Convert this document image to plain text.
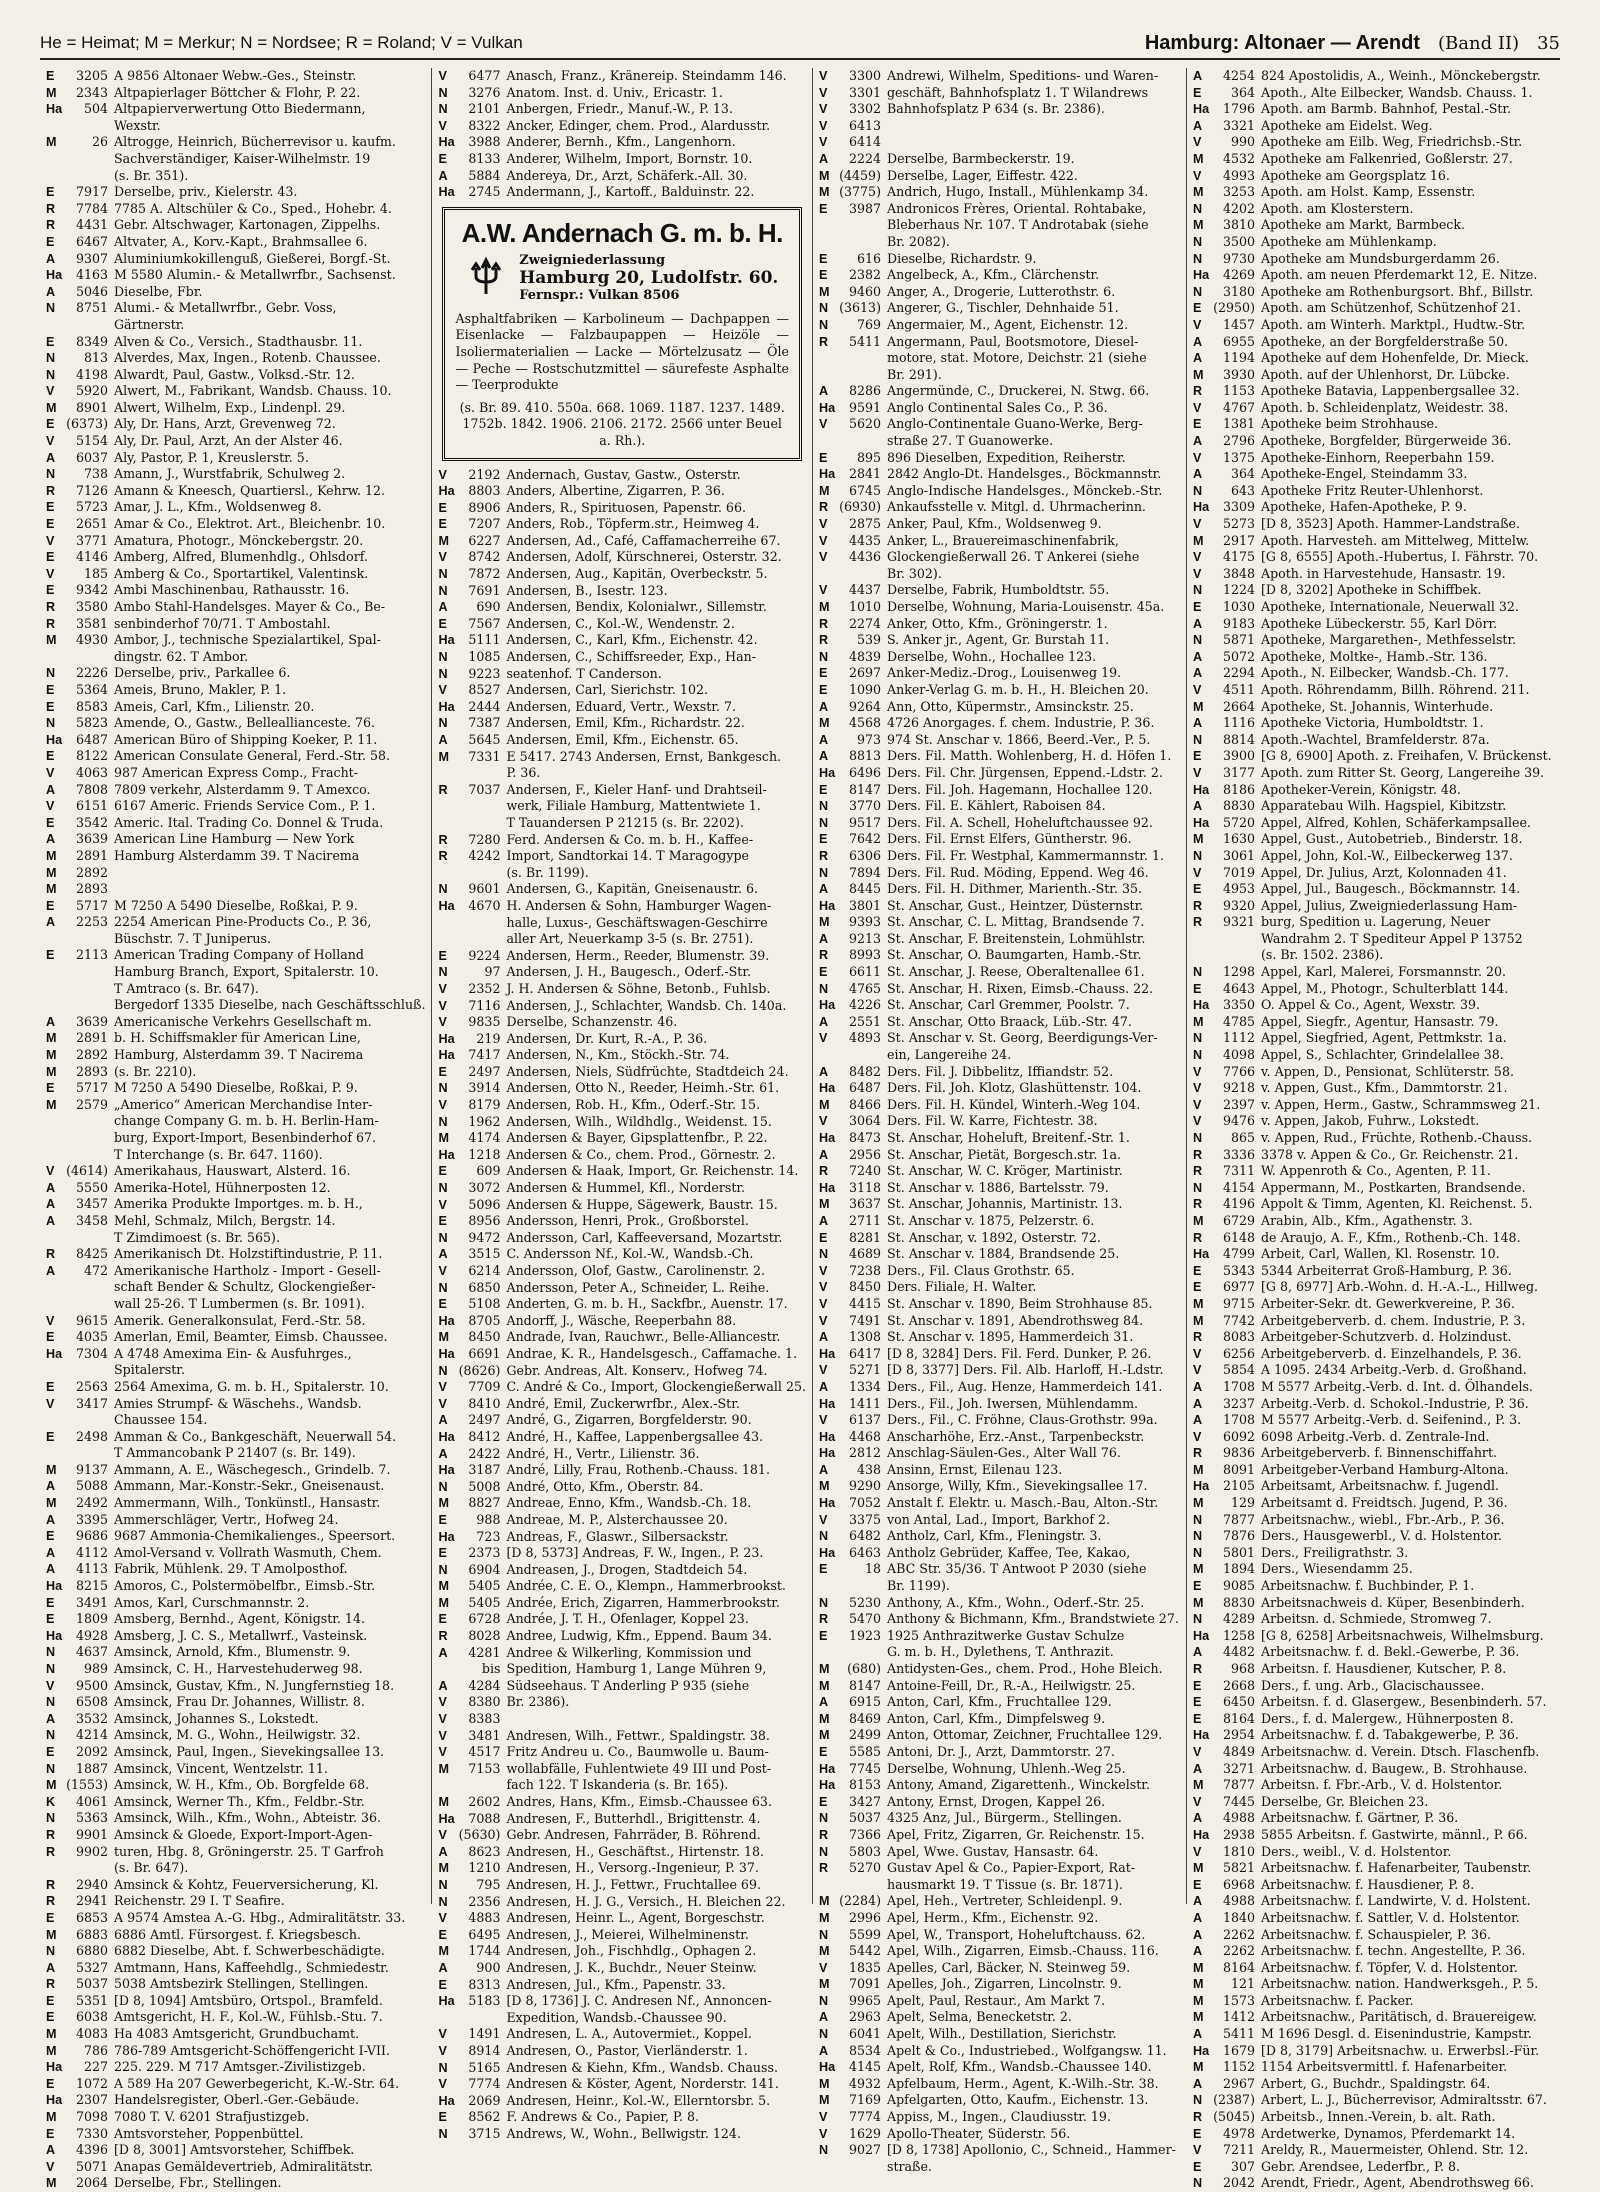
He = Heimat; M = Merkur; N = Nordsee; R = Roland; V = Vulkan	Hamburg: Altonaer — Arendt (Band II) 35
E	3205 A 9856 Altonaer Webw.-Ges., Steinstr.
M	2343 Altpapierlager Böttcher & Flohr, P. 22.
Ha	504 Altpapierverwertung Otto Biedermann,
Wexstr.
M	26 Altrogge, Heinrich, Bücherrevisor u. kaufm.
Sachverständiger, Kaiser-Wilhelmstr. 19
(s. Br. 351).
E	7917 Derselbe, priv., Kielerstr. 43.
R	7784 7785 A. Altschüler & Co., Sped., Hohebr. 4.
R	4431 Gebr. Altschwager, Kartonagen, Zippelhs.
E	6467 Altvater, A., Korv.-Kapt., Brahmsallee 6.
A	9307 Aluminiumkokillenguß, Gießerei, Borgf.-St.
Ha	4163 M 5580 Alumin.- & Metallwrfbr., Sachsenst.
A	5046 Dieselbe, Fbr.
N	8751 Alumi.- & Metallwrfbr., Gebr. Voss,
Gärtnerstr.
E	8349 Alven & Co., Versich., Stadthausbr. 11.
N	813 Alverdes, Max, Ingen., Rotenb. Chaussee.
N	4198 Alwardt, Paul, Gastw., Volksd.-Str. 12.
V	5920 Alwert, M., Fabrikant, Wandsb. Chauss. 10.
M	8901 Alwert, Wilhelm, Exp., Lindenpl. 29.
E (6373) Aly, Dr. Hans, Arzt, Grevenweg 72.
V	5154 Aly, Dr. Paul, Arzt, An der Alster 46.
A	6037 Aly, Pastor, P. 1, Kreuslerstr. 5.
N	738 Amann, J., Wurstfabrik, Schulweg 2.
R	7126 Amann & Kneesch, Quartiersl., Kehrw. 12.
E	5723 Amar, J. L., Kfm., Woldsenweg 8.
E	2651 Amar & Co., Elektrot. Art., Bleichenbr. 10.
V	3771 Amatura, Photogr., Mönckebergstr. 20.
E	4146 Amberg, Alfred, Blumenhdlg., Ohlsdorf.
V	185 Amberg & Co., Sportartikel, Valentinsk.
E	9342 Ambi Maschinenbau, Rathausstr. 16.
R	3580 Ambo Stahl-Handelsges. Mayer & Co., Be-
R	3581 senbinderhof 70/71. T Ambostahl.
M	4930 Ambor, J., technische Spezialartikel, Spal-
dingstr. 62. T Ambor.
N	2226 Derselbe, priv., Parkallee 6.
E	5364 Ameis, Bruno, Makler, P. 1.
E	8583 Ameis, Carl, Kfm., Lilienstr. 20.
N	5823 Amende, O., Gastw., Belleallianceste. 76.
Ha	6487 American Büro of Shipping Koeker, P. 11.
E	8122 American Consulate General, Ferd.-Str. 58.
V	4063 987 American Express Comp., Fracht-
A	7808 7809 verkehr, Alsterdamm 9. T Amexco.
V	6151 6167 Americ. Friends Service Com., P. 1.
E	3542 Americ. Ital. Trading Co. Donnel & Truda.
A	3639 American Line Hamburg — New York
M	2891 Hamburg Alsterdamm 39. T Nacirema
M	2892
M	2893
E	5717 M 7250 A 5490 Dieselbe, Roßkai, P. 9.
A	2253 2254 American Pine-Products Co., P. 36,
Büschstr. 7. T Juniperus.
E	2113 American Trading Company of Holland
Hamburg Branch, Export, Spitalerstr. 10.
T Amtraco (s. Br. 647).
Bergedorf 1335 Dieselbe, nach Geschäftsschluß.
A	3639 Americanische Verkehrs Gesellschaft m.
M	2891 b. H. Schiffsmakler für American Line,
M	2892 Hamburg, Alsterdamm 39. T Nacirema
M	2893 (s. Br. 2210).
E	5717 M 7250 A 5490 Dieselbe, Roßkai, P. 9.
M	2579 „Americo“ American Merchandise Inter-
change Company G. m. b. H. Berlin-Ham-
burg, Export-Import, Besenbinderhof 67.
T Interchange (s. Br. 647. 1160).
V (4614) Amerikahaus, Hauswart, Alsterd. 16.
A	5550 Amerika-Hotel, Hühnerposten 12.
A	3457 Amerika Produkte Importges. m. b. H.,
A	3458 Mehl, Schmalz, Milch, Bergstr. 14.
T Zimdimoest (s. Br. 565).
R	8425 Amerikanisch Dt. Holzstiftindustrie, P. 11.
A	472 Amerikanische Hartholz - Import - Gesell-
schaft Bender & Schultz, Glockengießer-
wall 25-26. T Lumbermen (s. Br. 1091).
V	9615 Amerik. Generalkonsulat, Ferd.-Str. 58.
E	4035 Amerlan, Emil, Beamter, Eimsb. Chaussee.
Ha	7304 A 4748 Amexima Ein- & Ausfuhrges.,
Spitalerstr.
E	2563 2564 Amexima, G. m. b. H., Spitalerstr. 10.
V	3417 Amies Strumpf- & Wäschehs., Wandsb.
Chaussee 154.
E	2498 Amman & Co., Bankgeschäft, Neuerwall 54.
T Ammancobank P 21407 (s. Br. 149).
M	9137 Ammann, A. E., Wäschegesch., Grindelb. 7.
A	5088 Ammann, Mar.-Konstr.-Sekr., Gneisenaust.
M	2492 Ammermann, Wilh., Tonkünstl., Hansastr.
A	3395 Ammerschläger, Vertr., Hofweg 24.
E	9686 9687 Ammonia-Chemikalienges., Speersort.
A	4112 Amol-Versand v. Vollrath Wasmuth, Chem.
A	4113 Fabrik, Mühlenk. 29. T Amolposthof.
Ha	8215 Amoros, C., Polstermöbelfbr., Eimsb.-Str.
E	3491 Amos, Karl, Curschmannstr. 2.
E	1809 Amsberg, Bernhd., Agent, Königstr. 14.
Ha	4928 Amsberg, J. C. S., Metallwrf., Vasteinsk.
N	4637 Amsinck, Arnold, Kfm., Blumenstr. 9.
N	989 Amsinck, C. H., Harvestehuderweg 98.
V	9500 Amsinck, Gustav, Kfm., N. Jungfernstieg 18.
N	6508 Amsinck, Frau Dr. Johannes, Willistr. 8.
A	3532 Amsinck, Johannes S., Lokstedt.
N	4214 Amsinck, M. G., Wohn., Heilwigstr. 32.
E	2092 Amsinck, Paul, Ingen., Sievekingsallee 13.
N	1887 Amsinck, Vincent, Wentzelstr. 11.
M (1553) Amsinck, W. H., Kfm., Ob. Borgfelde 68.
K	4061 Amsinck, Werner Th., Kfm., Feldbr.-Str.
N	5363 Amsinck, Wilh., Kfm., Wohn., Abteistr. 36.
R	9901 Amsinck & Gloede, Export-Import-Agen-
R	9902 turen, Hbg. 8, Gröningerstr. 25. T Garfroh
(s. Br. 647).
R	2940 Amsinck & Kohtz, Feuerversicherung, Kl.
R	2941 Reichenstr. 29 I. T Seafire.
E	6853 A 9574 Amstea A.-G. Hbg., Admiralitätstr. 33.
M	6883 6886 Amtl. Fürsorgest. f. Kriegsbesch.
N	6880 6882 Dieselbe, Abt. f. Schwerbeschädigte.
A	5327 Amtmann, Hans, Kaffeehdlg., Schmiedestr.
R	5037 5038 Amtsbezirk Stellingen, Stellingen.
E	5351 [D 8, 1094] Amtsbüro, Ortspol., Bramfeld.
E	6038 Amtsgericht, H. F., Kol.-W., Fühlsb.-Stu. 7.
M	4083 Ha 4083 Amtsgericht, Grundbuchamt.
M	786 786-789 Amtsgericht-Schöffengericht I-VII.
Ha	227 225. 229. M 717 Amtsger.-Zivilistizgeb.
E	1072 A 589 Ha 207 Gewerbegericht, K.-W.-Str. 64.
Ha	2307 Handelsregister, Oberl.-Ger.-Gebäude.
M	7098 7080 T. V. 6201 Strafjustizgeb.
E	7330 Amtsvorsteher, Poppenbüttel.
A	4396 [D 8, 3001] Amtsvorsteher, Schiffbek.
V	5071 Anapas Gemäldevertrieb, Admiralitätstr.
M	2064 Derselbe, Fbr., Stellingen.
V	6477 Anasch, Franz., Kränereip. Steindamm 146.
N	3276 Anatom. Inst. d. Univ., Ericastr. 1.
N	2101 Anbergen, Friedr., Manuf.-W., P. 13.
V	8322 Ancker, Edinger, chem. Prod., Alardusstr.
Ha	3988 Anderer, Bernh., Kfm., Langenhorn.
E	8133 Anderer, Wilhelm, Import, Bornstr. 10.
A	5884 Andereya, Dr., Arzt, Schäferk.-All. 30.
Ha	2745 Andermann, J., Kartoff., Balduinstr. 22.
A.W. Andernach G. m. b. H.

Zweigniederlassung
Hamburg 20, Ludolfstr. 60.
Fernspr.: Vulkan 8506
Asphaltfabriken — Karbolineum — Dachpappen — Eisenlacke — Falzbaupappen — Heizöle — Isoliermaterialien — Lacke — Mörtelzusatz — Öle — Peche — Rostschutzmittel — säurefeste Asphalte — Teerprodukte
(s. Br. 89. 410. 550a. 668. 1069. 1187. 1237. 1489. 1752b. 1842. 1906. 2106. 2172. 2566 unter Beuel a. Rh.).
V	2192 Andernach, Gustav, Gastw., Osterstr.
Ha	8803 Anders, Albertine, Zigarren, P. 36.
E	8906 Anders, R., Spirituosen, Papenstr. 66.
E	7207 Anders, Rob., Töpferm.str., Heimweg 4.
M	6227 Andersen, Ad., Café, Caffamacherreihe 67.
V	8742 Andersen, Adolf, Kürschnerei, Osterstr. 32.
N	7872 Andersen, Aug., Kapitän, Overbeckstr. 5.
N	7691 Andersen, B., Isestr. 123.
A	690 Andersen, Bendix, Kolonialwr., Sillemstr.
E	7567 Andersen, C., Kol.-W., Wendenstr. 2.
Ha	5111 Andersen, C., Karl, Kfm., Eichenstr. 42.
N	1085 Andersen, C., Schiffsreeder, Exp., Han-
N	9223 seatenhof. T Canderson.
V	8527 Andersen, Carl, Sierichstr. 102.
Ha	2444 Andersen, Eduard, Vertr., Wexstr. 7.
N	7387 Andersen, Emil, Kfm., Richardstr. 22.
A	5645 Andersen, Emil, Kfm., Eichenstr. 65.
M	7331 E 5417. 2743 Andersen, Ernst, Bankgesch.
P. 36.
R	7037 Andersen, F., Kieler Hanf- und Drahtseil-
werk, Filiale Hamburg, Mattentwiete 1.
T Tauandersen P 21215 (s. Br. 2202).
R	7280 Ferd. Andersen & Co. m. b. H., Kaffee-
R	4242 Import, Sandtorkai 14. T Maragogype
(s. Br. 1199).
N	9601 Andersen, G., Kapitän, Gneisenaustr. 6.
Ha	4670 H. Andersen & Sohn, Hamburger Wagen-
halle, Luxus-, Geschäftswagen-Geschirre
aller Art, Neuerkamp 3-5 (s. Br. 2751).
E	9224 Andersen, Herm., Reeder, Blumenstr. 39.
N	97 Andersen, J. H., Baugesch., Oderf.-Str.
V	2352 J. H. Andersen & Söhne, Betonb., Fuhlsb.
V	7116 Andersen, J., Schlachter, Wandsb. Ch. 140a.
V	9835 Derselbe, Schanzenstr. 46.
Ha	219 Andersen, Dr. Kurt, R.-A., P. 36.
Ha	7417 Andersen, N., Km., Stöckh.-Str. 74.
E	2497 Andersen, Niels, Südfrüchte, Stadtdeich 24.
N	3914 Andersen, Otto N., Reeder, Heimh.-Str. 61.
V	8179 Andersen, Rob. H., Kfm., Oderf.-Str. 15.
N	1962 Andersen, Wilh., Wildhdlg., Weidenst. 15.
M	4174 Andersen & Bayer, Gipsplattenfbr., P. 22.
Ha	1218 Andersen & Co., chem. Prod., Görnestr. 2.
E	609 Andersen & Haak, Import, Gr. Reichenstr. 14.
N	3072 Andersen & Hummel, Kfl., Norderstr.
V	5096 Andersen & Huppe, Sägewerk, Baustr. 15.
E	8956 Andersson, Henri, Prok., Großborstel.
N	9472 Andersson, Carl, Kaffeeversand, Mozartstr.
A	3515 C. Andersson Nf., Kol.-W., Wandsb.-Ch.
V	6214 Andersson, Olof, Gastw., Carolinenstr. 2.
N	6850 Andersson, Peter A., Schneider, L. Reihe.
E	5108 Anderten, G. m. b. H., Sackfbr., Auenstr. 17.
Ha	8705 Andorff, J., Wäsche, Reeperbahn 88.
M	8450 Andrade, Ivan, Rauchwr., Belle-Alliancestr.
Ha	6691 Andrae, K. R., Handelsgesch., Caffamache. 1.
N (8626) Gebr. Andreas, Alt. Konserv., Hofweg 74.
V	7709 C. André & Co., Import, Glockengießerwall 25.
V	8410 André, Emil, Zuckerwrfbr., Alex.-Str.
A	2497 André, G., Zigarren, Borgfelderstr. 90.
Ha	8412 André, H., Kaffee, Lappenbergsallee 43.
A	2422 André, H., Vertr., Lilienstr. 36.
Ha	3187 André, Lilly, Frau, Rothenb.-Chauss. 181.
N	5008 André, Otto, Kfm., Oberstr. 84.
M	8827 Andreae, Enno, Kfm., Wandsb.-Ch. 18.
E	988 Andreae, M. P., Alsterchaussee 20.
Ha	723 Andreas, F., Glaswr., Silbersackstr.
E	2373 [D 8, 5373] Andreas, F. W., Ingen., P. 23.
N	6904 Andreasen, J., Drogen, Stadtdeich 54.
M	5405 Andrée, C. E. O., Klempn., Hammerbrookst.
M	5405 Andrée, Erich, Zigarren, Hammerbrookstr.
E	6728 Andrée, J. T. H., Ofenlager, Koppel 23.
R	8028 Andree, Ludwig, Kfm., Eppend. Baum 34.
A	4281 Andree & Wilkerling, Kommission und
bis Spedition, Hamburg 1, Lange Mühren 9,
A	4284 Südseehaus. T Anderling P 935 (siehe
V	8380 Br. 2386).
V	8383
V	3481 Andresen, Wilh., Fettwr., Spaldingstr. 38.
V	4517 Fritz Andreu u. Co., Baumwolle u. Baum-
M	7153 wollabfälle, Fuhlentwiete 49 III und Post-
fach 122. T Iskanderia (s. Br. 165).
M	2602 Andres, Hans, Kfm., Eimsb.-Chaussee 63.
Ha	7088 Andresen, F., Butterhdl., Brigittenstr. 4.
V (5630) Gebr. Andresen, Fahrräder, B. Röhrend.
A	8623 Andresen, H., Geschäftst., Hirtenstr. 18.
M	1210 Andresen, H., Versorg.-Ingenieur, P. 37.
N	795 Andresen, H. J., Fettwr., Fruchtallee 69.
N	2356 Andresen, H. J. G., Versich., H. Bleichen 22.
V	4883 Andresen, Heinr. L., Agent, Borgeschstr.
E	6495 Andresen, J., Meierei, Wilhelminenstr.
M	1744 Andresen, Joh., Fischhdlg., Ophagen 2.
A	900 Andresen, J. K., Buchdr., Neuer Steinw.
E	8313 Andresen, Jul., Kfm., Papenstr. 33.
Ha	5183 [D 8, 1736] J. C. Andresen Nf., Annoncen-
Expedition, Wandsb.-Chaussee 90.
V	1491 Andresen, L. A., Autovermiet., Koppel.
V	8914 Andresen, O., Pastor, Vierländerstr. 1.
N	5165 Andresen & Kiehn, Kfm., Wandsb. Chauss.
V	7774 Andresen & Köster, Agent, Norderstr. 141.
Ha	2069 Andresen, Heinr., Kol.-W., Ellerntorsbr. 5.
E	8562 F. Andrews & Co., Papier, P. 8.
N	3715 Andrews, W., Wohn., Bellwigstr. 124.
V	3300 Andrewi, Wilhelm, Speditions- und Waren-
V	3301 geschäft, Bahnhofsplatz 1. T Wilandrews
V	3302 Bahnhofsplatz P 634 (s. Br. 2386).
V	6413
V	6414
A	2224 Derselbe, Barmbeckerstr. 19.
M (4459) Derselbe, Lager, Eiffestr. 422.
M (3775) Andrich, Hugo, Install., Mühlenkamp 34.
E	3987 Andronicos Frères, Oriental. Rohtabake,
Bleberhaus Nr. 107. T Androtabak (siehe
Br. 2082).
E	616 Dieselbe, Richardstr. 9.
E	2382 Angelbeck, A., Kfm., Clärchenstr.
M	9460 Anger, A., Drogerie, Lutterothstr. 6.
N (3613) Angerer, G., Tischler, Dehnhaide 51.
N	769 Angermaier, M., Agent, Eichenstr. 12.
R	5411 Angermann, Paul, Bootsmotore, Diesel-
motore, stat. Motore, Deichstr. 21 (siehe
Br. 291).
A	8286 Angermünde, C., Druckerei, N. Stwg. 66.
Ha	9591 Anglo Continental Sales Co., P. 36.
V	5620 Anglo-Continentale Guano-Werke, Berg-
straße 27. T Guanowerke.
E	895 896 Dieselben, Expedition, Reiherstr.
Ha	2841 2842 Anglo-Dt. Handelsges., Böckmannstr.
M	6745 Anglo-Indische Handelsges., Mönckeb.-Str.
R (6930) Ankaufsstelle v. Mitgl. d. Uhrmacherinn.
V	2875 Anker, Paul, Kfm., Woldsenweg 9.
V	4435 Anker, L., Brauereimaschinenfabrik,
V	4436 Glockengießerwall 26. T Ankerei (siehe
Br. 302).
V	4437 Derselbe, Fabrik, Humboldtstr. 55.
M	1010 Derselbe, Wohnung, Maria-Louisenstr. 45a.
R	2274 Anker, Otto, Kfm., Gröningerstr. 1.
R	539 S. Anker jr., Agent, Gr. Burstah 11.
N	4839 Derselbe, Wohn., Hochallee 123.
E	2697 Anker-Mediz.-Drog., Louisenweg 19.
E	1090 Anker-Verlag G. m. b. H., H. Bleichen 20.
A	9264 Ann, Otto, Küpermstr., Amsinckstr. 25.
M	4568 4726 Anorgages. f. chem. Industrie, P. 36.
A	973 974 St. Anschar v. 1866, Beerd.-Ver., P. 5.
A	8813 Ders. Fil. Matth. Wohlenberg, H. d. Höfen 1.
Ha	6496 Ders. Fil. Chr. Jürgensen, Eppend.-Ldstr. 2.
E	8147 Ders. Fil. Joh. Hagemann, Hochallee 120.
N	3770 Ders. Fil. E. Kählert, Raboisen 84.
N	9517 Ders. Fil. A. Schell, Hoheluftchaussee 92.
E	7642 Ders. Fil. Ernst Elfers, Güntherstr. 96.
R	6306 Ders. Fil. Fr. Westphal, Kammermannstr. 1.
N	7894 Ders. Fil. Rud. Möding, Eppend. Weg 46.
A	8445 Ders. Fil. H. Dithmer, Marienth.-Str. 35.
Ha	3801 St. Anschar, Gust., Heintzer, Düsternstr.
M	9393 St. Anschar, C. L. Mittag, Brandsende 7.
A	9213 St. Anschar, F. Breitenstein, Lohmühlstr.
R	8993 St. Anschar, O. Baumgarten, Hamb.-Str.
E	6611 St. Anschar, J. Reese, Oberaltenallee 61.
N	4765 St. Anschar, H. Rixen, Eimsb.-Chauss. 22.
Ha	4226 St. Anschar, Carl Gremmer, Poolstr. 7.
A	2551 St. Anschar, Otto Braack, Lüb.-Str. 47.
V	4893 St. Anschar v. St. Georg, Beerdigungs-Ver-
ein, Langereihe 24.
A	8482 Ders. Fil. J. Dibbelitz, Iffiandstr. 52.
Ha	6487 Ders. Fil. Joh. Klotz, Glashüttenstr. 104.
M	8466 Ders. Fil. H. Kündel, Winterh.-Weg 104.
V	3064 Ders. Fil. W. Karre, Fichtestr. 38.
Ha	8473 St. Anschar, Hoheluft, Breitenf.-Str. 1.
A	2956 St. Anschar, Pietät, Borgesch.str. 1a.
R	7240 St. Anschar, W. C. Kröger, Martinistr.
Ha	3118 St. Anschar v. 1886, Bartelsstr. 79.
M	3637 St. Anschar, Johannis, Martinistr. 13.
A	2711 St. Anschar v. 1875, Pelzerstr. 6.
E	8281 St. Anschar, v. 1892, Osterstr. 72.
N	4689 St. Anschar v. 1884, Brandsende 25.
V	7238 Ders., Fil. Claus Grothstr. 65.
V	8450 Ders. Filiale, H. Walter.
V	4415 St. Anschar v. 1890, Beim Strohhause 85.
V	7491 St. Anschar v. 1891, Abendrothsweg 84.
A	1308 St. Anschar v. 1895, Hammerdeich 31.
Ha	6417 [D 8, 3284] Ders. Fil. Ferd. Dunker, P. 26.
V	5271 [D 8, 3377] Ders. Fil. Alb. Harloff, H.-Ldstr.
A	1334 Ders., Fil., Aug. Henze, Hammerdeich 141.
Ha	1411 Ders., Fil., Joh. Iwersen, Mühlendamm.
V	6137 Ders., Fil., C. Fröhne, Claus-Grothstr. 99a.
Ha	4468 Anscharhöhe, Erz.-Anst., Tarpenbeckstr.
Ha	2812 Anschlag-Säulen-Ges., Alter Wall 76.
A	438 Ansinn, Ernst, Eilenau 123.
M	9290 Ansorge, Willy, Kfm., Sievekingsallee 17.
Ha	7052 Anstalt f. Elektr. u. Masch.-Bau, Alton.-Str.
V	3375 von Antal, Lad., Import, Barkhof 2.
N	6482 Antholz, Carl, Kfm., Fleningstr. 3.
Ha	6463 Antholz Gebrüder, Kaffee, Tee, Kakao,
E	18 ABC Str. 35/36. T Antwoot P 2030 (siehe
Br. 1199).
N	5230 Anthony, A., Kfm., Wohn., Oderf.-Str. 25.
R	5470 Anthony & Bichmann, Kfm., Brandstwiete 27.
E	1923 1925 Anthrazitwerke Gustav Schulze
G. m. b. H., Dylethens, T. Anthrazit.
M	(680) Antidysten-Ges., chem. Prod., Hohe Bleich.
M	8147 Antoine-Feill, Dr., R.-A., Heilwigstr. 25.
A	6915 Anton, Carl, Kfm., Fruchtallee 129.
M	8469 Anton, Carl, Kfm., Dimpfelsweg 9.
M	2499 Anton, Ottomar, Zeichner, Fruchtallee 129.
E	5585 Antoni, Dr. J., Arzt, Dammtorstr. 27.
Ha	7745 Derselbe, Wohnung, Uhlenh.-Weg 25.
Ha	8153 Antony, Amand, Zigarettenh., Winckelstr.
E	3427 Antony, Ernst, Drogen, Kappel 26.
N	5037 4325 Anz, Jul., Bürgerm., Stellingen.
R	7366 Apel, Fritz, Zigarren, Gr. Reichenstr. 15.
N	5803 Apel, Wwe. Gustav, Hansastr. 64.
R	5270 Gustav Apel & Co., Papier-Export, Rat-
hausmarkt 19. T Tissue (s. Br. 1871).
M (2284) Apel, Heh., Vertreter, Schleidenpl. 9.
M	2996 Apel, Herm., Kfm., Eichenstr. 92.
N	5599 Apel, W., Transport, Hoheluftchauss. 62.
M	5442 Apel, Wilh., Zigarren, Eimsb.-Chauss. 116.
V	1835 Apelles, Carl, Bäcker, N. Steinweg 59.
M	7091 Apelles, Joh., Zigarren, Lincolnstr. 9.
N	9965 Apelt, Paul, Restaur., Am Markt 7.
A	2963 Apelt, Selma, Benecketstr. 2.
N	6041 Apelt, Wilh., Destillation, Sierichstr.
A	8534 Apelt & Co., Industriebed., Wolfgangsw. 11.
Ha	4145 Apelt, Rolf, Kfm., Wandsb.-Chaussee 140.
M	4932 Apfelbaum, Herm., Agent, K.-Wilh.-Str. 38.
M	7169 Apfelgarten, Otto, Kaufm., Eichenstr. 13.
V	7774 Appiss, M., Ingen., Claudiusstr. 19.
V	1629 Apollo-Theater, Süderstr. 56.
N	9027 [D 8, 1738] Apollonio, C., Schneid., Hammer-
straße.
A	4254 824 Apostolidis, A., Weinh., Mönckebergstr.
E	364 Apoth., Alte Eilbecker, Wandsb. Chauss. 1.
Ha	1796 Apoth. am Barmb. Bahnhof, Pestal.-Str.
A	3321 Apotheke am Eidelst. Weg.
V	990 Apotheke am Eilb. Weg, Friedrichsb.-Str.
M	4532 Apotheke am Falkenried, Goßlerstr. 27.
V	4993 Apotheke am Georgsplatz 16.
M	3253 Apoth. am Holst. Kamp, Essenstr.
N	4202 Apoth. am Klosterstern.
M	3810 Apotheke am Markt, Barmbeck.
N	3500 Apotheke am Mühlenkamp.
N	9730 Apotheke am Mundsburgerdamm 26.
Ha	4269 Apoth. am neuen Pferdemarkt 12, E. Nitze.
N	3180 Apotheke am Rothenburgsort. Bhf., Billstr.
E (2950) Apoth. am Schützenhof, Schützenhof 21.
V	1457 Apoth. am Winterh. Marktpl., Hudtw.-Str.
A	6955 Apotheke, an der Borgfelderstraße 50.
A	1194 Apotheke auf dem Hohenfelde, Dr. Mieck.
M	3930 Apoth. auf der Uhlenhorst, Dr. Lübcke.
R	1153 Apotheke Batavia, Lappenbergsallee 32.
V	4767 Apoth. b. Schleidenplatz, Weidestr. 38.
E	1381 Apotheke beim Strohhause.
A	2796 Apotheke, Borgfelder, Bürgerweide 36.
V	1375 Apotheke-Einhorn, Reeperbahn 159.
A	364 Apotheke-Engel, Steindamm 33.
N	643 Apotheke Fritz Reuter-Uhlenhorst.
Ha	3309 Apotheke, Hafen-Apotheke, P. 9.
V	5273 [D 8, 3523] Apoth. Hammer-Landstraße.
M	2917 Apoth. Harvesteh. am Mittelweg, Mittelw.
V	4175 [G 8, 6555] Apoth.-Hubertus, I. Fährstr. 70.
V	3848 Apoth. in Harvestehude, Hansastr. 19.
N	1224 [D 8, 3202] Apotheke in Schiffbek.
E	1030 Apotheke, Internationale, Neuerwall 32.
A	9183 Apotheke Lübeckerstr. 55, Karl Dörr.
N	5871 Apotheke, Margarethen-, Methfesselstr.
A	5072 Apotheke, Moltke-, Hamb.-Str. 136.
A	2294 Apoth., N. Eilbecker, Wandsb.-Ch. 177.
V	4511 Apoth. Röhrendamm, Billh. Röhrend. 211.
M	2664 Apotheke, St. Johannis, Winterhude.
A	1116 Apotheke Victoria, Humboldtstr. 1.
N	8814 Apoth.-Wachtel, Bramfelderstr. 87a.
E	3900 [G 8, 6900] Apoth. z. Freihafen, V. Brückenst.
V	3177 Apoth. zum Ritter St. Georg, Langereihe 39.
Ha	8186 Apotheker-Verein, Königstr. 48.
A	8830 Apparatebau Wilh. Hagspiel, Kibitzstr.
Ha	5720 Appel, Alfred, Kohlen, Schäferkampsallee.
M	1630 Appel, Gust., Autobetrieb., Binderstr. 18.
N	3061 Appel, John, Kol.-W., Eilbeckerweg 137.
V	7019 Appel, Dr. Julius, Arzt, Kolonnaden 41.
E	4953 Appel, Jul., Baugesch., Böckmannstr. 14.
R	9320 Appel, Julius, Zweigniederlassung Ham-
R	9321 burg, Spedition u. Lagerung, Neuer
Wandrahm 2. T Spediteur Appel P 13752
(s. Br. 1502. 2386).
N	1298 Appel, Karl, Malerei, Forsmannstr. 20.
E	4643 Appel, M., Photogr., Schulterblatt 144.
Ha	3350 O. Appel & Co., Agent, Wexstr. 39.
M	4785 Appel, Siegfr., Agentur, Hansastr. 79.
N	1112 Appel, Siegfried, Agent, Pettmkstr. 1a.
N	4098 Appel, S., Schlachter, Grindelallee 38.
V	7766 v. Appen, D., Pensionat, Schlüterstr. 58.
V	9218 v. Appen, Gust., Kfm., Dammtorstr. 21.
V	2397 v. Appen, Herm., Gastw., Schrammsweg 21.
V	9476 v. Appen, Jakob, Fuhrw., Lokstedt.
N	865 v. Appen, Rud., Früchte, Rothenb.-Chauss.
R	3336 3378 v. Appen & Co., Gr. Reichenstr. 21.
R	7311 W. Appenroth & Co., Agenten, P. 11.
N	4154 Appermann, M., Postkarten, Brandsende.
R	4196 Appolt & Timm, Agenten, Kl. Reichenst. 5.
M	6729 Arabin, Alb., Kfm., Agathenstr. 3.
R	6148 de Araujo, A. F., Kfm., Rothenb.-Ch. 148.
Ha	4799 Arbeit, Carl, Wallen, Kl. Rosenstr. 10.
E	5343 5344 Arbeiterrat Groß-Hamburg, P. 36.
E	6977 [G 8, 6977] Arb.-Wohn. d. H.-A.-L., Hillweg.
M	9715 Arbeiter-Sekr. dt. Gewerkvereine, P. 36.
M	7742 Arbeitgeberverb. d. chem. Industrie, P. 3.
R	8083 Arbeitgeber-Schutzverb. d. Holzindust.
V	6256 Arbeitgeberverb. d. Einzelhandels, P. 36.
V	5854 A 1095. 2434 Arbeitg.-Verb. d. Großhand.
A	1708 M 5577 Arbeitg.-Verb. d. Int. d. Ölhandels.
A	3237 Arbeitg.-Verb. d. Schokol.-Industrie, P. 36.
A	1708 M 5577 Arbeitg.-Verb. d. Seifenind., P. 3.
V	6092 6098 Arbeitg.-Verb. d. Zentrale-Ind.
R	9836 Arbeitgeberverb. f. Binnenschiffahrt.
M	8091 Arbeitgeber-Verband Hamburg-Altona.
Ha	2105 Arbeitsamt, Arbeitsnachw. f. Jugendl.
M	129 Arbeitsamt d. Freidtsch. Jugend, P. 36.
N	7877 Arbeitsnachw., wiebl., Fbr.-Arb., P. 36.
N	7876 Ders., Hausgewerbl., V. d. Holstentor.
N	5801 Ders., Freiligrathstr. 3.
M	1894 Ders., Wiesendamm 25.
E	9085 Arbeitsnachw. f. Buchbinder, P. 1.
M	8830 Arbeitsnachweis d. Küper, Besenbinderh.
N	4289 Arbeitsn. d. Schmiede, Stromweg 7.
Ha	1258 [G 8, 6258] Arbeitsnachweis, Wilhelmsburg.
A	4482 Arbeitsnachw. f. d. Bekl.-Gewerbe, P. 36.
R	968 Arbeitsn. f. Hausdiener, Kutscher, P. 8.
E	2668 Ders., f. ung. Arb., Glacischaussee.
E	6450 Arbeitsn. f. d. Glasergew., Besenbinderh. 57.
E	8164 Ders., f. d. Malergew., Hühnerposten 8.
Ha	2954 Arbeitsnachw. f. d. Tabakgewerbe, P. 36.
V	4849 Arbeitsnachw. d. Verein. Dtsch. Flaschenfb.
A	3271 Arbeitsnachw. d. Baugew., B. Strohhause.
M	7877 Arbeitsn. f. Fbr.-Arb., V. d. Holstentor.
V	7445 Derselbe, Gr. Bleichen 23.
A	4988 Arbeitsnachw. f. Gärtner, P. 36.
Ha	2938 5855 Arbeitsn. f. Gastwirte, männl., P. 66.
V	1810 Ders., weibl., V. d. Holstentor.
M	5821 Arbeitsnachw. f. Hafenarbeiter, Taubenstr.
E	6968 Arbeitsnachw. f. Hausdiener, P. 8.
A	4988 Arbeitsnachw. f. Landwirte, V. d. Holstent.
A	1840 Arbeitsnachw. f. Sattler, V. d. Holstentor.
A	2262 Arbeitsnachw. f. Schauspieler, P. 36.
A	2262 Arbeitsnachw. f. techn. Angestellte, P. 36.
M	8164 Arbeitsnachw. f. Töpfer, V. d. Holstentor.
M	121 Arbeitsnachw. nation. Handwerksgeh., P. 5.
M	1573 Arbeitsnachw. f. Packer.
M	1412 Arbeitsnachw., Paritätisch, d. Brauereigew.
A	5411 M 1696 Desgl. d. Eisenindustrie, Kampstr.
Ha	1679 [D 8, 3179] Arbeitsnachw. u. Erwerbsl.-Für.
M	1152 1154 Arbeitsvermittl. f. Hafenarbeiter.
A	2967 Arbert, G., Buchdr., Spaldingstr. 64.
N (2387) Arbert, L. J., Bücherrevisor, Admiraltsstr. 67.
R (5045) Arbeitsb., Innen.-Verein, b. alt. Rath.
E	4978 Ardetwerke, Dynamos, Pferdemarkt 14.
V	7211 Areldy, R., Mauermeister, Ohlend. Str. 12.
E	307 Gebr. Arendsee, Lederfbr., P. 8.
N	2042 Arendt, Friedr., Agent, Abendrothsweg 66.
